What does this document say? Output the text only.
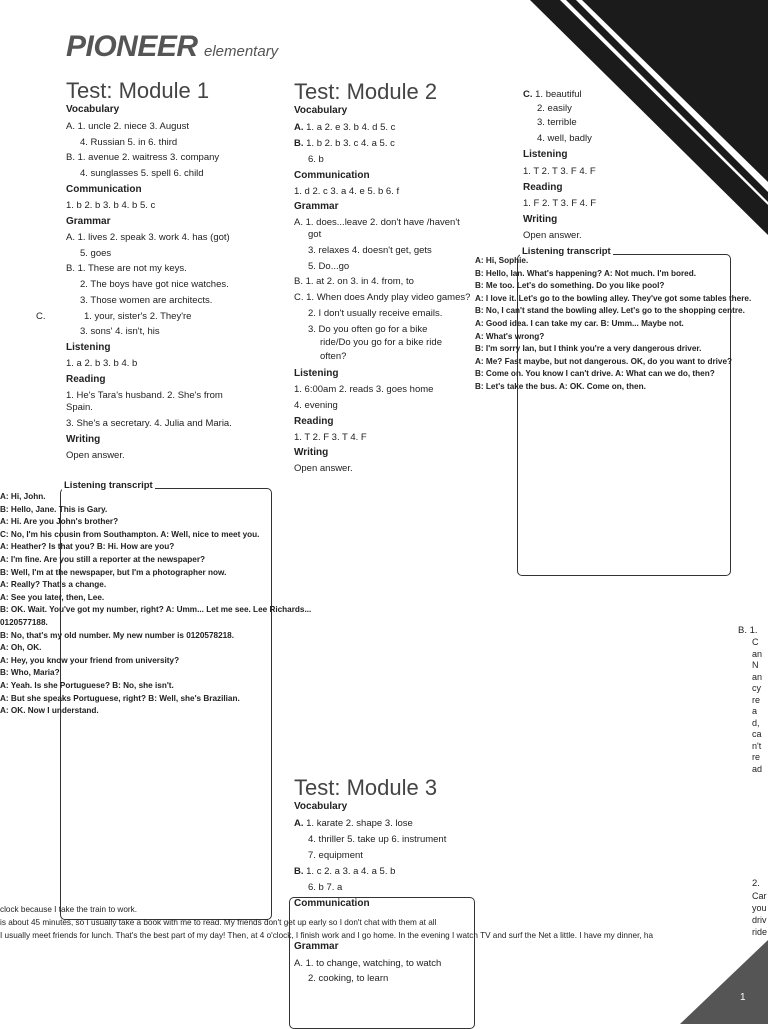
1
PIONEER elementary
Test: Module 1
Vocabulary
A. 1. uncle 2. niece 3. August
4. Russian 5. in 6. third
B. 1. avenue 2. waitress 3. company
4. sunglasses 5. spell 6. child
Communication
1. b 2. b 3. b 4. b 5. c
Grammar
A. 1. lives 2. speak 3. work 4. has (got)
5. goes
B. 1. These are not my keys.
2. The boys have got nice watches.
3. Those women are architects.
C.	1. your, sister's 2. They're
3. sons' 4. isn't, his
Listening
1. a 2. b 3. b 4. b
Reading
1. He's Tara's husband. 2. She's from
Spain.
3. She's a secretary. 4. Julia and Maria.
Writing
Open answer.
Listening transcript
A: Hi, John.
B: Hello, Jane. This is Gary.
A: Hi. Are you John's brother?
C: No, I'm his cousin from Southampton. A: Well, nice to meet you.
A: Heather? Is that you? B: Hi. How are you?
A: I'm fine. Are you still a reporter at the newspaper?
B: Well, I'm at the newspaper, but I'm a photographer now.
A: Really? That's a change.
A: See you later, then, Lee.
B: OK. Wait. You've got my number, right? A: Umm... Let me see. Lee Richards...
0120577188.
B: No, that's my old number. My new number is 0120578218.
A: Oh, OK.
A: Hey, you know your friend from university?
B: Who, Maria?
A: Yeah. Is she Portuguese? B: No, she isn't.
A: But she speaks Portuguese, right? B: Well, she's Brazilian.
A: OK. Now I understand.
Test: Module 2
Vocabulary
A. 1. a 2. e 3. b 4. d 5. c
B. 1. b 2. b 3. c 4. a 5. c
6. b
Communication
1. d 2. c 3. a 4. e 5. b 6. f
Grammar
A. 1. does...leave 2. don't have /haven't
got
3. relaxes 4. doesn't get, gets
5. Do...go
B. 1. at 2. on 3. in 4. from, to
C. 1. When does Andy play video games?
2. I don't usually receive emails.
3. Do you often go for a bike
ride/Do you go for a bike ride
often?
Listening
1. 6:00am 2. reads 3. goes home
4. evening
Reading
1. T 2. F 3. T 4. F
Writing
Open answer.
C. 1. beautiful
2. easily
3. terrible
4. well, badly
Listening
1. T 2. T 3. F 4. F
Reading
1. F 2. T 3. F 4. F
Writing
Open answer.
Listening transcript
A: Hi, Sophie.
B: Hello, Ian. What's happening? A: Not much. I'm bored.
B: Me too. Let's do something. Do you like pool?
A: I love it. Let's go to the bowling alley. They've got some tables there.
B: No, I can't stand the bowling alley. Let's go to the shopping centre.
A: Good idea. I can take my car. B: Umm... Maybe not.
A: What's wrong?
B: I'm sorry Ian, but I think you're a very dangerous driver.
A: Me? Fast maybe, but not dangerous. OK, do you want to drive?
B: Come on. You know I can't drive. A: What can we do, then?
B: Let's take the bus. A: OK. Come on, then.
B. 1.
CanNancyread,can'tread
2.
Car
you
driv
ride
Test: Module 3
Vocabulary
A. 1. karate 2. shape 3. lose
4. thriller 5. take up 6. instrument
7. equipment
B. 1. c 2. a 3. a 4. a 5. b
6. b 7. a
Communication
Grammar
A. 1. to change, watching, to watch
2. cooking, to learn
clock because I take the train to work.
is about 45 minutes, so I usually take a book with me to read. My friends don't get up early so I don't chat with them at all
I usually meet friends for lunch. That's the best part of my day! Then, at 4 o'clock, I finish work and I go home. In the evening I watch TV and surf the Net a little. I have my dinner, ha
